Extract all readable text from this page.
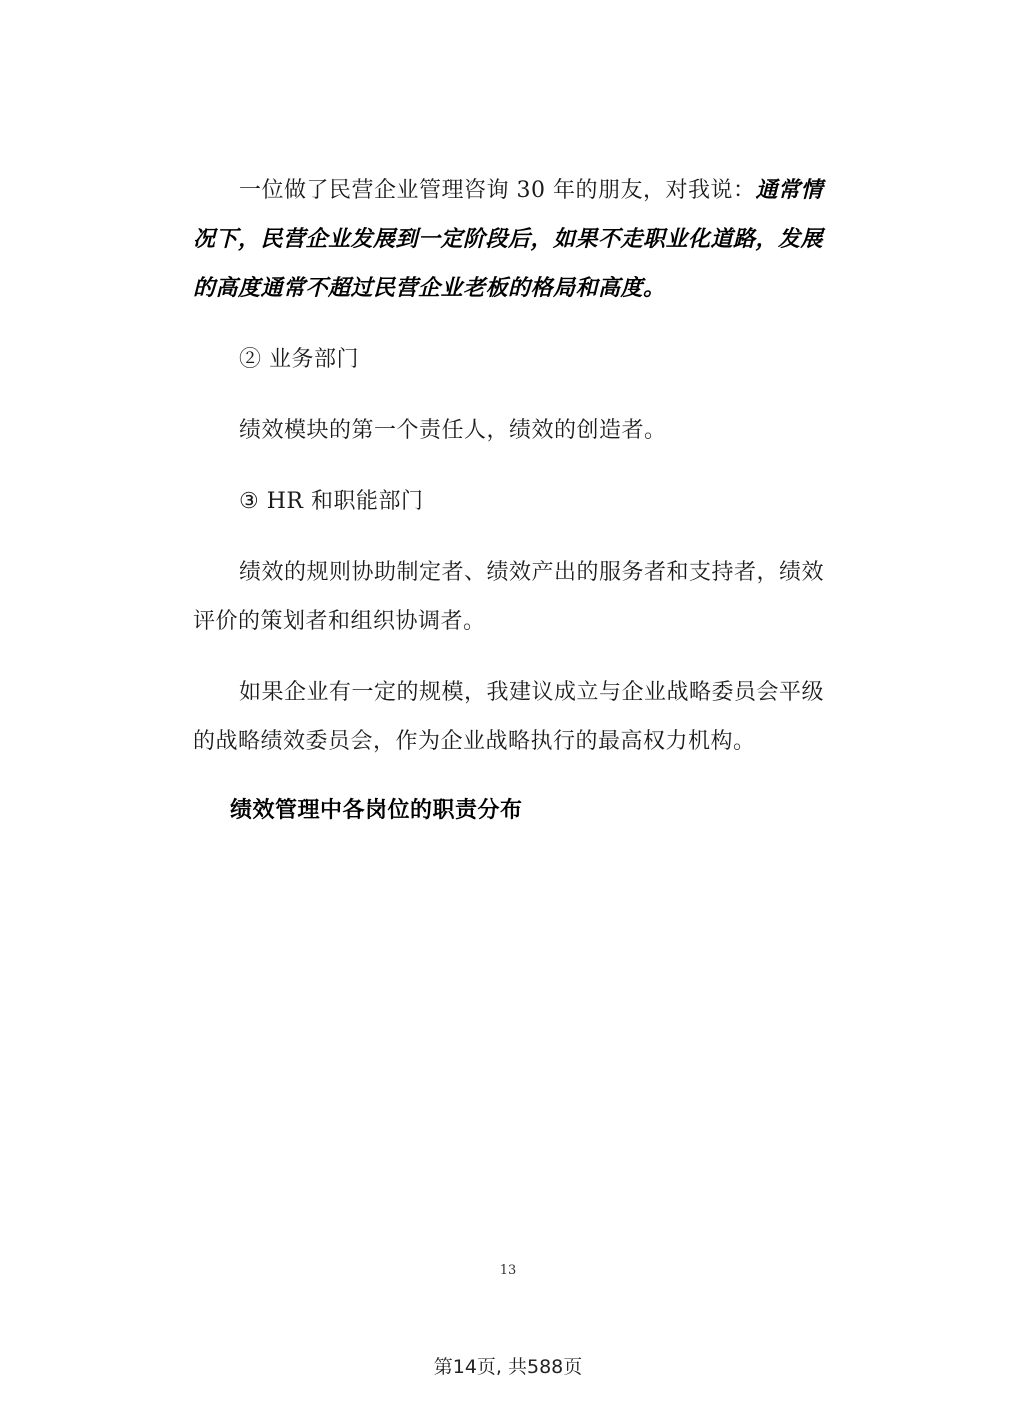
一位做了民营企业管理咨询 30 年的朋友，对我说：通常情况下，民营企业发展到一定阶段后，如果不走职业化道路，发展的高度通常不超过民营企业老板的格局和高度。

② 业务部门

绩效模块的第一个责任人，绩效的创造者。

③ HR 和职能部门

绩效的规则协助制定者、绩效产出的服务者和支持者，绩效评价的策划者和组织协调者。

如果企业有一定的规模，我建议成立与企业战略委员会平级的战略绩效委员会，作为企业战略执行的最高权力机构。

绩效管理中各岗位的职责分布

13
第14页, 共588页
